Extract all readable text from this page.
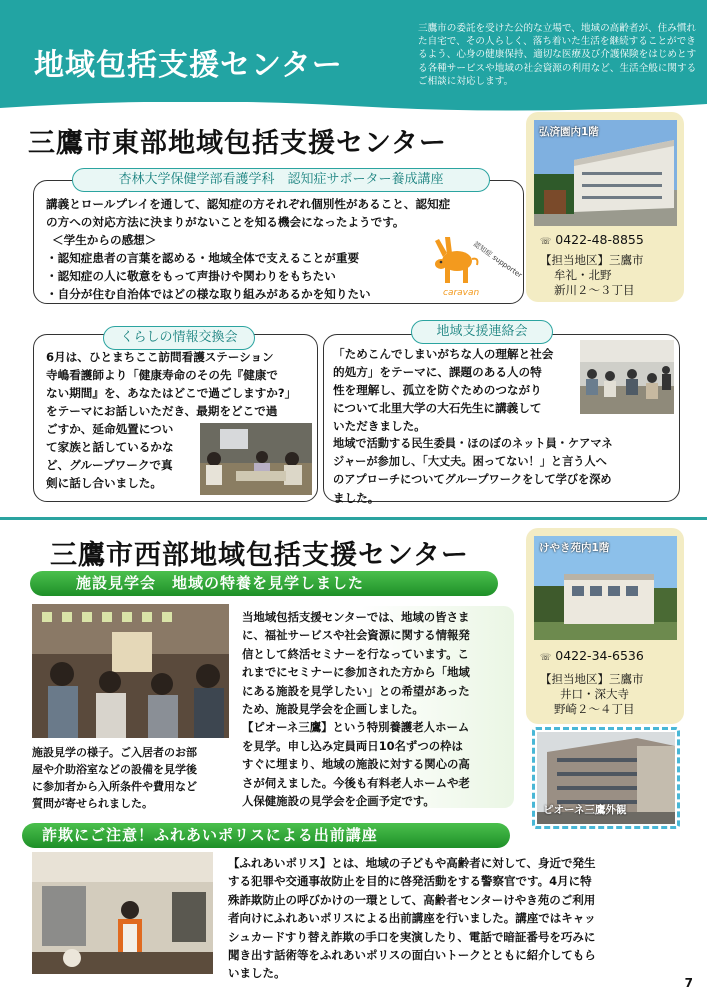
地域包括支援センター
三鷹市の委託を受けた公的な立場で、地域の高齢者が、住み慣れた自宅で、その人らしく、落ち着いた生活を継続することができるよう、心身の健康保持、適切な医療及び介護保険をはじめとする各種サービスや地域の社会資源の利用など、生活全般に関するご相談に対応します。
三鷹市東部地域包括支援センター
講義とロールプレイを通して、認知症の方それぞれ個別性があること、認知症
の方への対応方法に決まりがないことを知る機会になったようです。
＜学生からの感想＞
・認知症患者の言葉を認める・地域全体で支えることが重要
・認知症の人に敬意をもって声掛けや関わりをもちたい
・自分が住む自治体ではどの様な取り組みがあるかを知りたい
認知症 supporter
caravan
杏林大学保健学部看護学科　認知症サポーター養成講座
6月は、ひとまちここ訪問看護ステーション
寺嶋看護師より「健康寿命のその先『健康で
ない期間』を、あなたはどこで過ごしますか?」
をテーマにお話しいただき、最期をどこで過
ごすか、延命処置につい
て家族と話しているかな
ど、グループワークで真
剣に話し合いました。
くらしの情報交換会
「ためこんでしまいがちな人の理解と社会
的処方」をテーマに、課題のある人の特
性を理解し、孤立を防ぐためのつながり
について北里大学の大石先生に講義して
いただきました。
地域で活動する民生委員・ほのぼのネット員・ケアマネ
ジャーが参加し、「大丈夫。困ってない！」と言う人へ
のアプローチについてグループワークをして学びを深め
ました。
地域支援連絡会
弘済園内1階
☏ 0422-48-8855
【担当地区】三鷹市
牟礼・北野
新川２～３丁目
三鷹市西部地域包括支援センター
施設見学会　地域の特養を見学しました
施設見学の様子。ご入居者のお部
屋や介助浴室などの設備を見学後
に参加者から入所条件や費用など
質問が寄せられました。
当地域包括支援センターでは、地域の皆さま
に、福祉サービスや社会資源に関する情報発
信として終活セミナーを行なっています。こ
れまでにセミナーに参加された方から「地域
にある施設を見学したい」との希望があった
ため、施設見学会を企画しました。
【ピオーネ三鷹】という特別養護老人ホーム
を見学。申し込み定員両日10名ずつの枠は
すぐに埋まり、地域の施設に対する関心の高
さが伺えました。今後も有料老人ホームや老
人保健施設の見学会を企画予定です。
けやき苑内1階
☏ 0422-34-6536
【担当地区】三鷹市
井口・深大寺
野崎２～４丁目
ピオーネ三鷹外観
詐欺にご注意！ふれあいポリスによる出前講座
【ふれあいポリス】とは、地域の子どもや高齢者に対して、身近で発生
する犯罪や交通事故防止を目的に啓発活動をする警察官です。4月に特
殊詐欺防止の呼びかけの一環として、高齢者センターけやき苑のご利用
者向けにふれあいポリスによる出前講座を行いました。講座ではキャッ
シュカードすり替え詐欺の手口を実演したり、電話で暗証番号を巧みに
聞き出す話術等をふれあいポリスの面白いトークとともに紹介してもら
いました。
7
